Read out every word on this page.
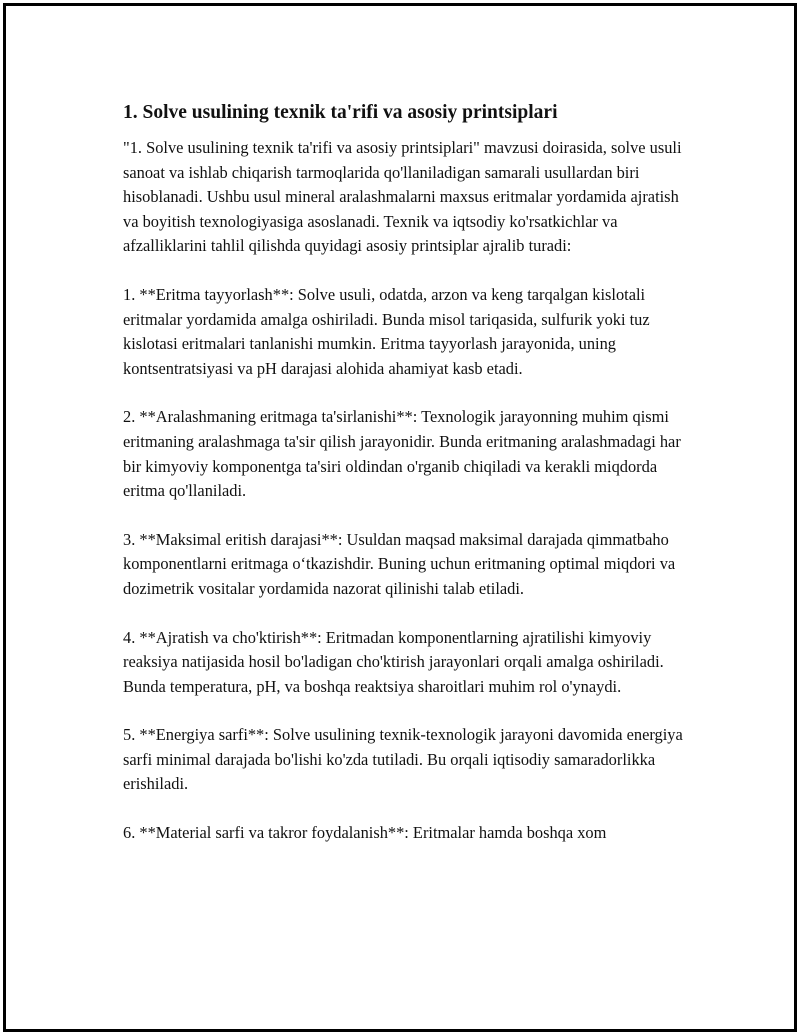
1. Solve usulining texnik ta'rifi va asosiy printsiplari

"1. Solve usulining texnik ta'rifi va asosiy printsiplari" mavzusi doirasida, solve usuli sanoat va ishlab chiqarish tarmoqlarida qo'llaniladigan samarali usullardan biri hisoblanadi. Ushbu usul mineral aralashmalarni maxsus eritmalar yordamida ajratish va boyitish texnologiyasiga asoslanadi. Texnik va iqtsodiy ko'rsatkichlar va afzalliklarini tahlil qilishda quyidagi asosiy printsiplar ajralib turadi:

1. **Eritma tayyorlash**: Solve usuli, odatda, arzon va keng tarqalgan kislotali eritmalar yordamida amalga oshiriladi. Bunda misol tariqasida, sulfurik yoki tuz kislotasi eritmalari tanlanishi mumkin. Eritma tayyorlash jarayonida, uning kontsentratsiyasi va pH darajasi alohida ahamiyat kasb etadi.

2. **Aralashmaning eritmaga ta'sirlanishi**: Texnologik jarayonning muhim qismi eritmaning aralashmaga ta'sir qilish jarayonidir. Bunda eritmaning aralashmadagi har bir kimyoviy komponentga ta'siri oldindan o'rganib chiqiladi va kerakli miqdorda eritma qo'llaniladi.

3. **Maksimal eritish darajasi**: Usuldan maqsad maksimal darajada qimmatbaho komponentlarni eritmaga o‘tkazishdir. Buning uchun eritmaning optimal miqdori va dozimetrik vositalar yordamida nazorat qilinishi talab etiladi.

4. **Ajratish va cho'ktirish**: Eritmadan komponentlarning ajratilishi kimyoviy reaksiya natijasida hosil bo'ladigan cho'ktirish jarayonlari orqali amalga oshiriladi. Bunda temperatura, pH, va boshqa reaktsiya sharoitlari muhim rol o'ynaydi.

5. **Energiya sarfi**: Solve usulining texnik-texnologik jarayoni davomida energiya sarfi minimal darajada bo'lishi ko'zda tutiladi. Bu orqali iqtisodiy samaradorlikka erishiladi.

6. **Material sarfi va takror foydalanish**: Eritmalar hamda boshqa xom
